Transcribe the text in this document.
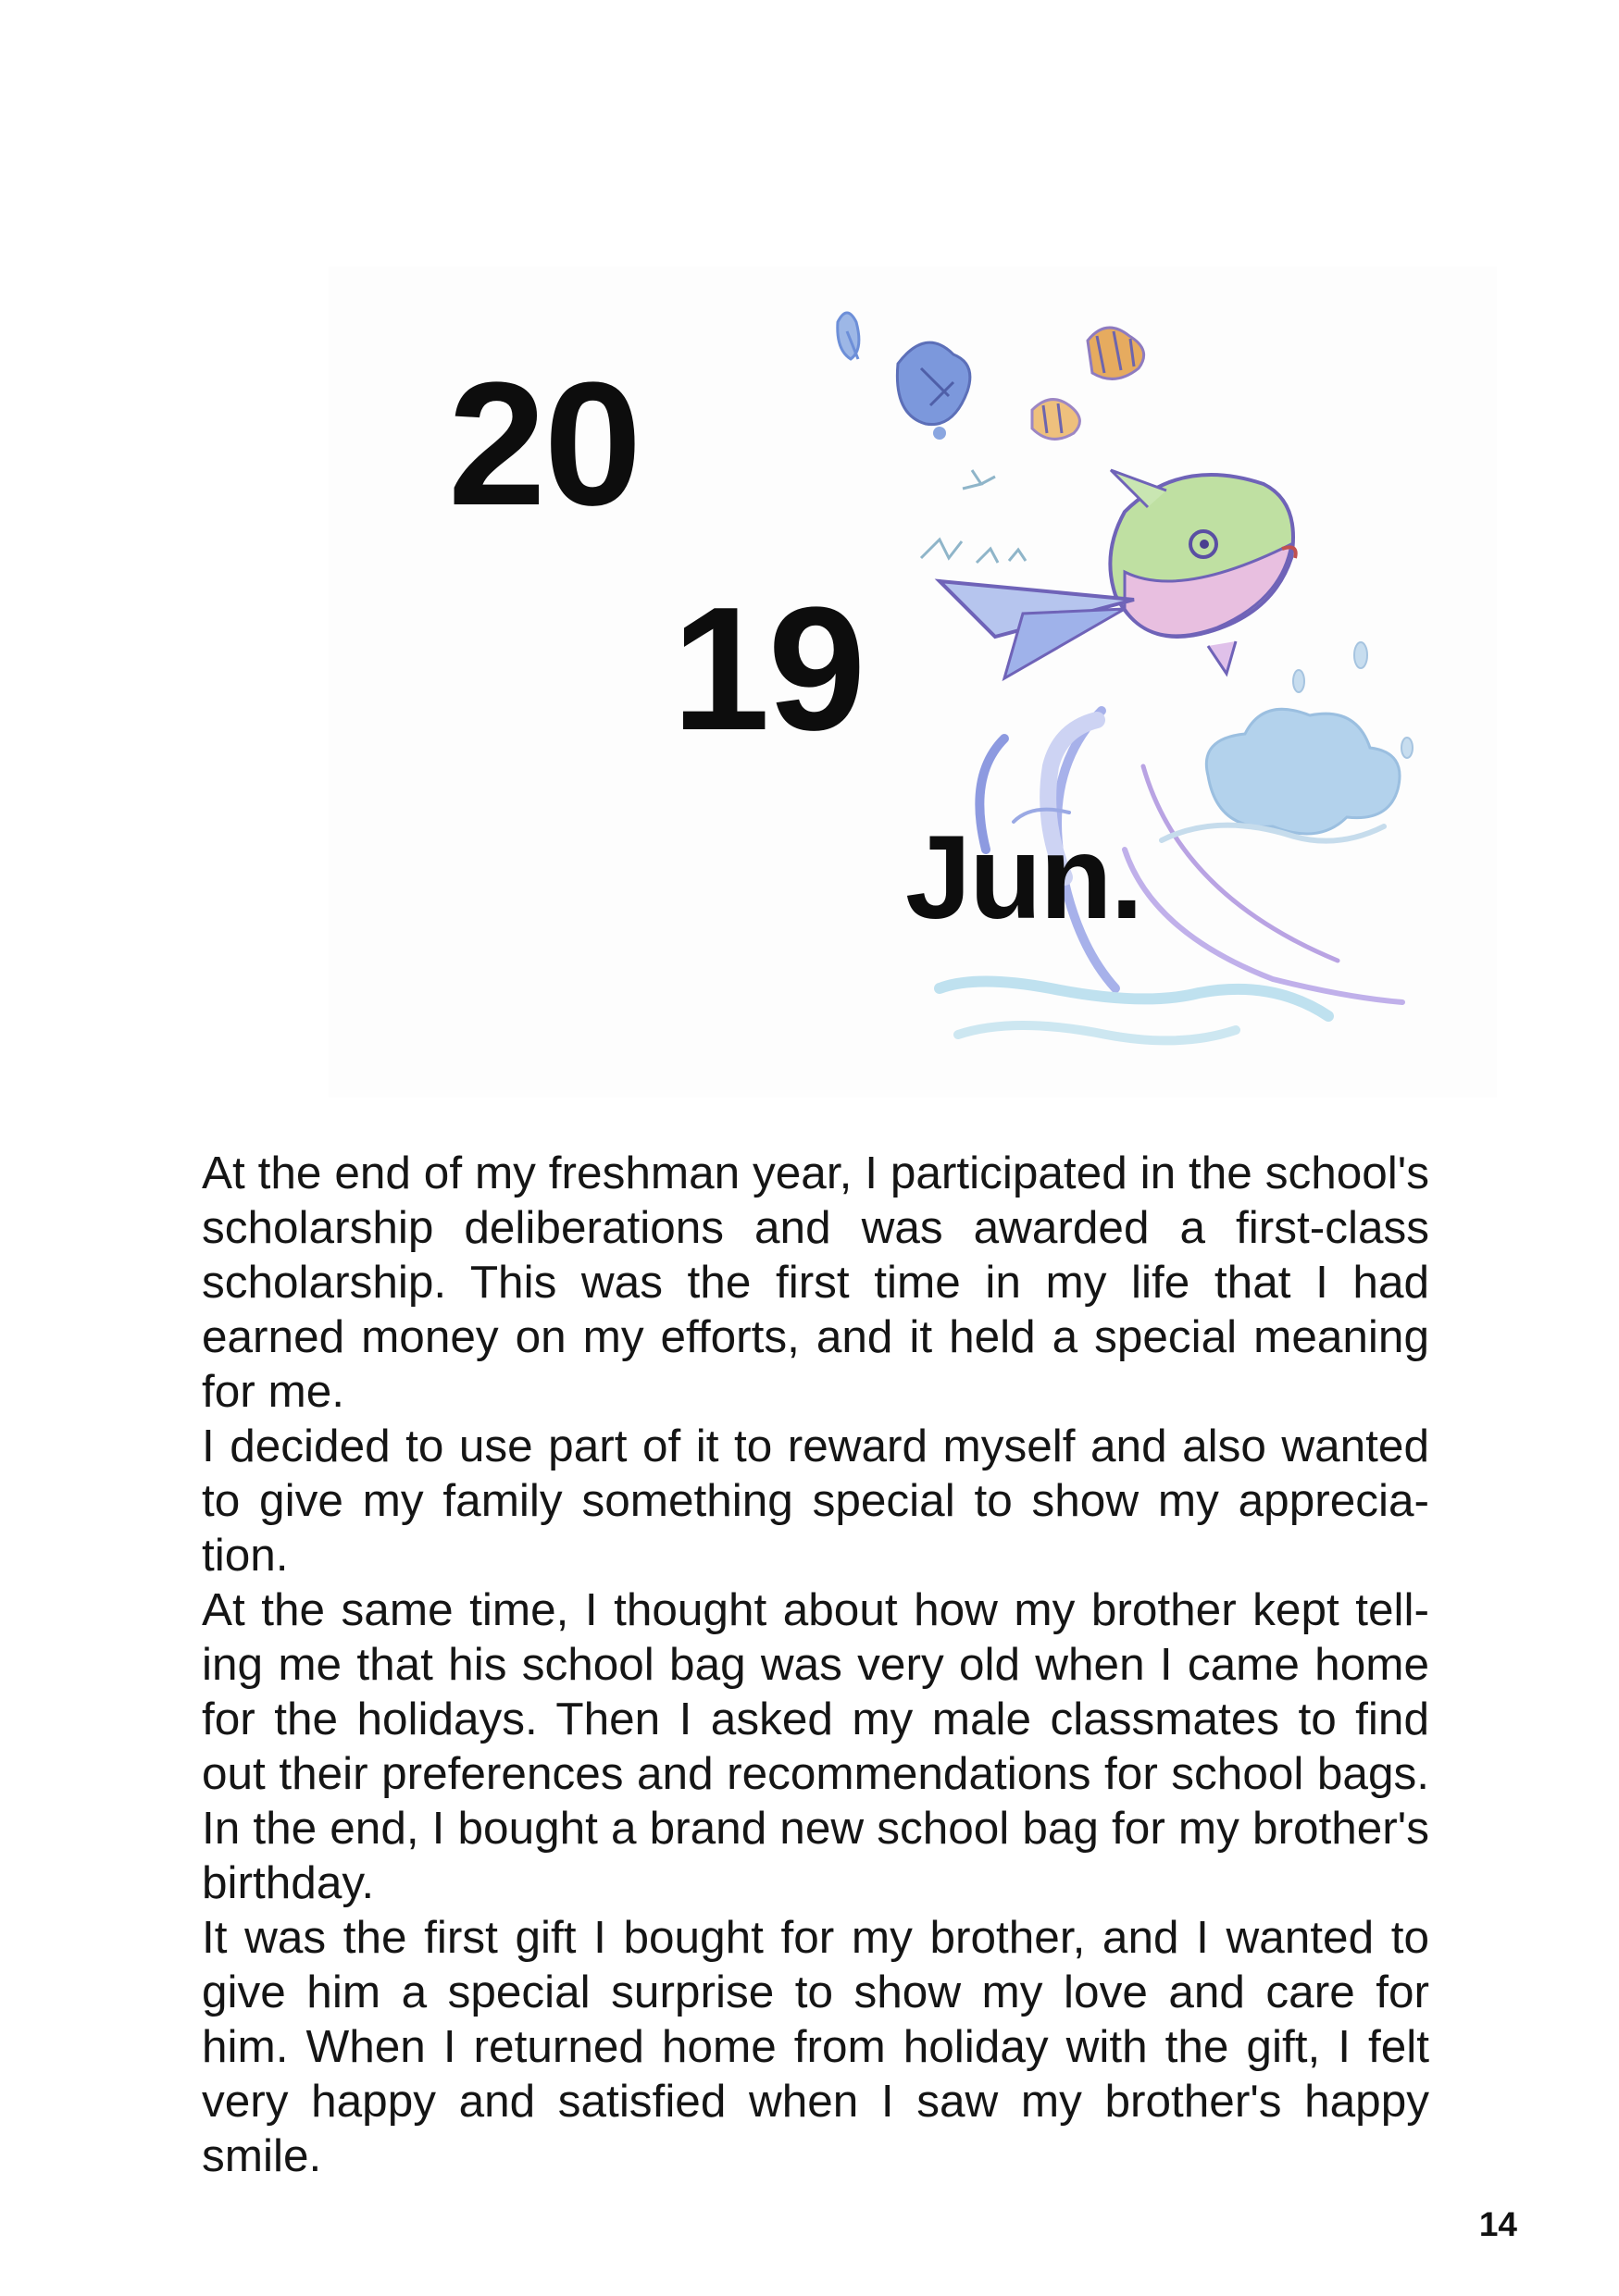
20
19
Jun.

At the end of my freshman year, I participated in the school's scholarship deliberations and was awarded a first-class scholarship. This was the first time in my life that I had earned money on my efforts, and it held a special meaning for me.

I decided to use part of it to reward myself and also wanted to give my family something special to show my apprecia-tion.

At the same time, I thought about how my brother kept tell-ing me that his school bag was very old when I came home for the holidays. Then I asked my male classmates to find out their preferences and recommendations for school bags. In the end, I bought a brand new school bag for my brother's birthday.

It was the first gift I bought for my brother, and I wanted to give him a special surprise to show my love and care for him. When I returned home from holiday with the gift, I felt very happy and satisfied when I saw my brother's happy smile.

14
